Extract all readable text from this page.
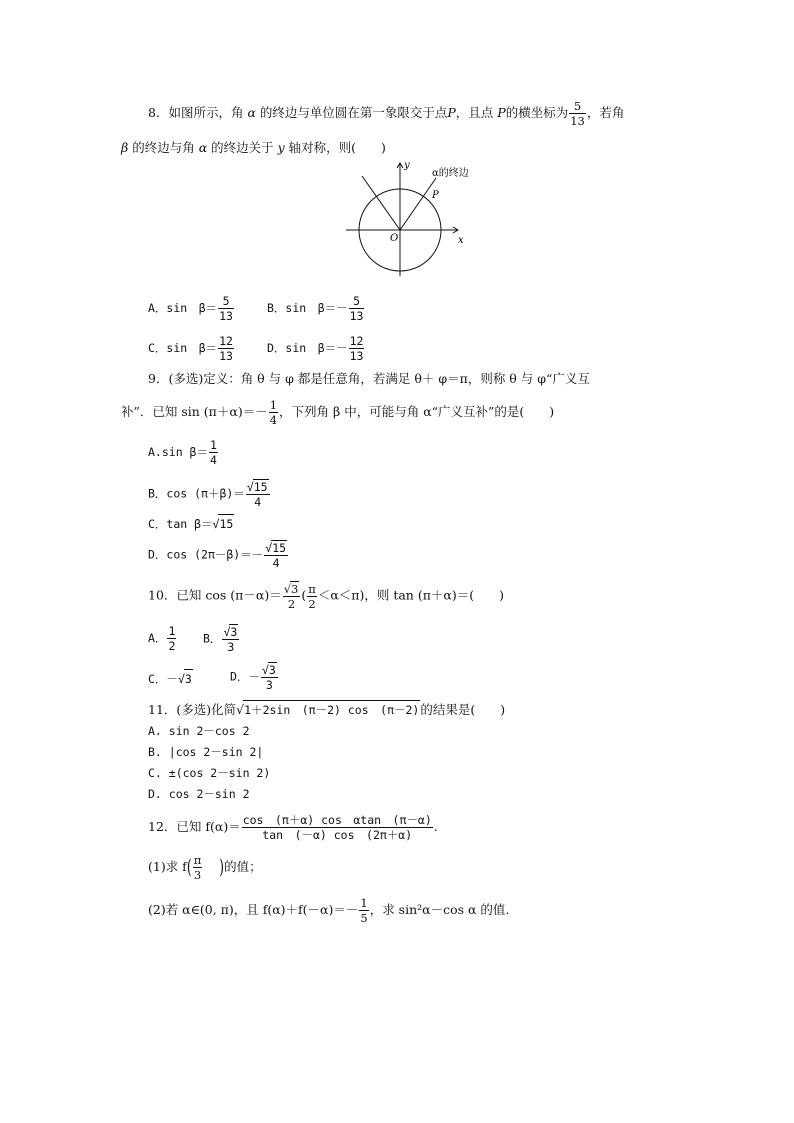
8．如图所示，角 α 的终边与单位圆在第一象限交于点P，且点 P的横坐标为 $\frac{5}{13}$ ，若角
β 的终边与角 α 的终边关于 y 轴对称，则(　　)
y
α的终边
P
O	x
A．sin　$\beta= \frac{5}{13}$	B．sin　$\beta=- \frac{5}{13}$
C．sin　$\beta= \frac{12}{13}$	D．sin　$\beta=- \frac{12}{13}$
9．(多选)定义：角 θ 与 φ 都是任意角，若满足 θ＋ φ＝π，则称 θ 与 φ“广义互
补”．已知 $\sin (\pi+\alpha)=- \frac{1}{4}$ ，下列角 β 中，可能与角 α“广义互补”的是(　　)
A.sin $\beta= \frac{1}{4}$
B．$\cos (\pi+\beta)= \frac{√15}{4}$
C．tan β＝√15
D．$\cos (2\pi-\beta)=- \frac{√15}{4}$
10．已知 $\cos (\pi-\alpha)= \frac{√3}{2}$ ( $\frac{\pi}{2} <\alpha<\pi$)，则 tan (π＋α)＝(　　)
A． $\frac{1}{2}$ B． $\frac{√3}{3}$
C．－√3	D．－ $\frac{√3}{3}$
11．(多选)化简√1＋2sin　(π－2) cos　(π－2)的结果是(　　)
A. sin 2－cos 2
B. |cos 2－sin 2|
C. ±(cos 2－sin 2)
D. cos 2－sin 2
12．已知 $f(\alpha)= \frac{\text{cos　(π＋α) cos　αtan　(π－α)}}{\tan (-\alpha) \cos (2\pi+\alpha)}$ .
(1)求 $f( \frac{\pi}{3}$ )的值；
(2)若 α∈(0, π)，且 $f(\alpha)+f(-\alpha)=- \frac{1}{5}$ ，求 sin²α－cos α 的值.
